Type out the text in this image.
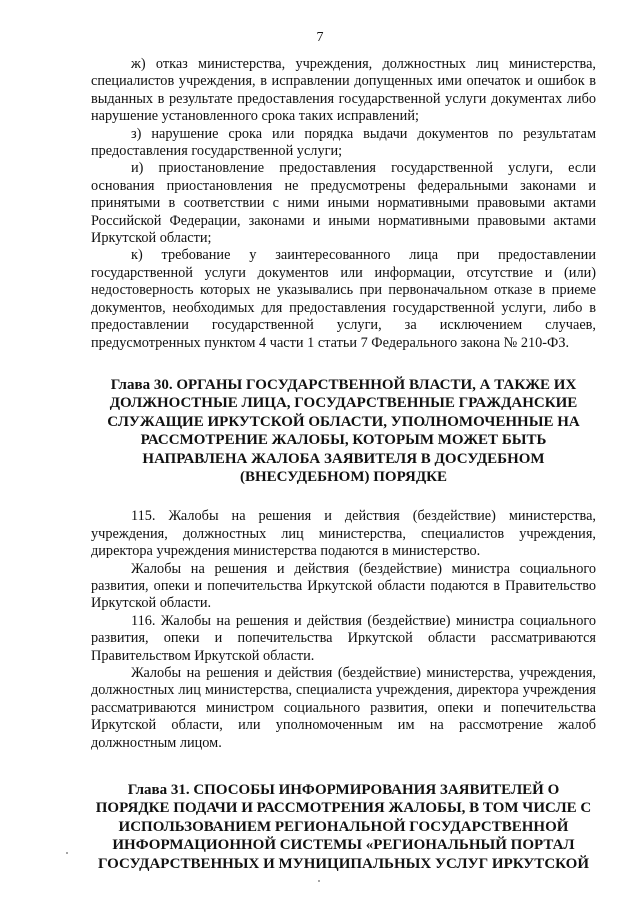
7

ж) отказ министерства, учреждения, должностных лиц министерства, специалистов учреждения, в исправлении допущенных ими опечаток и ошибок в выданных в результате предоставления государственной услуги документах либо нарушение установленного срока таких исправлений;

з) нарушение срока или порядка выдачи документов по результатам предоставления государственной услуги;

и) приостановление предоставления государственной услуги, если основания приостановления не предусмотрены федеральными законами и принятыми в соответствии с ними иными нормативными правовыми актами Российской Федерации, законами и иными нормативными правовыми актами Иркутской области;

к) требование у заинтересованного лица при предоставлении государственной услуги документов или информации, отсутствие и (или) недостоверность которых не указывались при первоначальном отказе в приеме документов, необходимых для предоставления государственной услуги, либо в предоставлении государственной услуги, за исключением случаев, предусмотренных пунктом 4 части 1 статьи 7 Федерального закона № 210-ФЗ.

Глава 30. ОРГАНЫ ГОСУДАРСТВЕННОЙ ВЛАСТИ, А ТАКЖЕ ИХ ДОЛЖНОСТНЫЕ ЛИЦА, ГОСУДАРСТВЕННЫЕ ГРАЖДАНСКИЕ СЛУЖАЩИЕ ИРКУТСКОЙ ОБЛАСТИ, УПОЛНОМОЧЕННЫЕ НА РАССМОТРЕНИЕ ЖАЛОБЫ, КОТОРЫМ МОЖЕТ БЫТЬ НАПРАВЛЕНА ЖАЛОБА ЗАЯВИТЕЛЯ В ДОСУДЕБНОМ (ВНЕСУДЕБНОМ) ПОРЯДКЕ

115. Жалобы на решения и действия (бездействие) министерства, учреждения, должностных лиц министерства, специалистов учреждения, директора учреждения министерства подаются в министерство.

Жалобы на решения и действия (бездействие) министра социального развития, опеки и попечительства Иркутской области подаются в Правительство Иркутской области.

116. Жалобы на решения и действия (бездействие) министра социального развития, опеки и попечительства Иркутской области рассматриваются Правительством Иркутской области.

Жалобы на решения и действия (бездействие) министерства, учреждения, должностных лиц министерства, специалиста учреждения, директора учреждения рассматриваются министром социального развития, опеки и попечительства Иркутской области, или уполномоченным им на рассмотрение жалоб должностным лицом.

Глава 31. СПОСОБЫ ИНФОРМИРОВАНИЯ ЗАЯВИТЕЛЕЙ О ПОРЯДКЕ ПОДАЧИ И РАССМОТРЕНИЯ ЖАЛОБЫ, В ТОМ ЧИСЛЕ С ИСПОЛЬЗОВАНИЕМ РЕГИОНАЛЬНОЙ ГОСУДАРСТВЕННОЙ ИНФОРМАЦИОННОЙ СИСТЕМЫ «РЕГИОНАЛЬНЫЙ ПОРТАЛ ГОСУДАРСТВЕННЫХ И МУНИЦИПАЛЬНЫХ УСЛУГ ИРКУТСКОЙ
